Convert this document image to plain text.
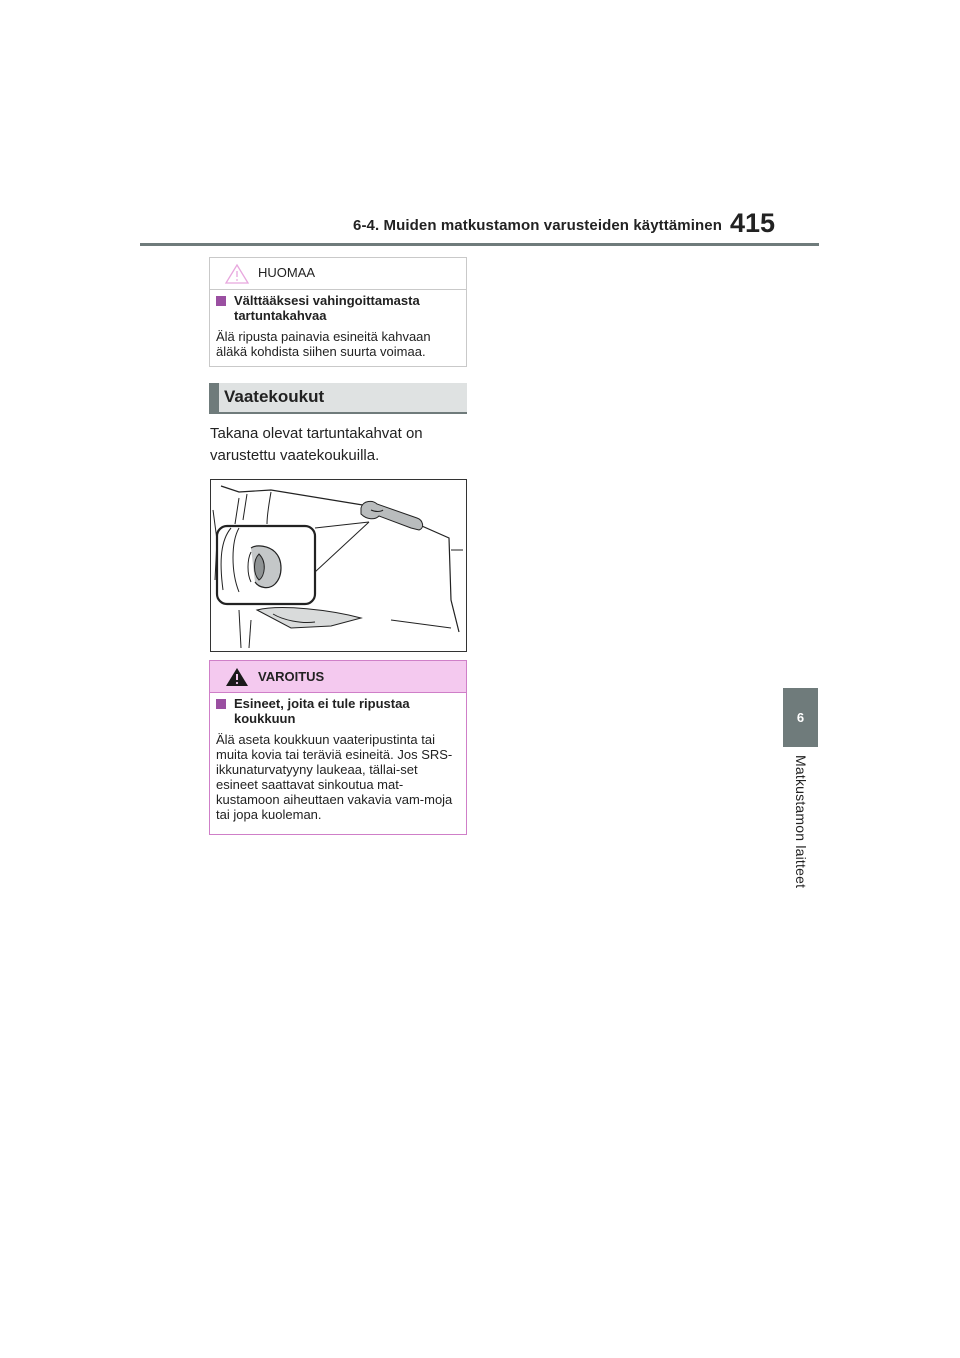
6-4. Muiden matkustamon varusteiden käyttäminen 415
6
Matkustamon laitteet
HUOMAA
Välttääksesi vahingoittamasta tartuntakahvaa
Älä ripusta painavia esineitä kahvaan äläkä kohdista siihen suurta voimaa.
Vaatekoukut
Takana olevat tartuntakahvat on varustettu vaatekoukuilla.
VAROITUS
Esineet, joita ei tule ripustaa koukkuun
Älä aseta koukkuun vaateripustinta tai muita kovia tai teräviä esineitä. Jos SRS-ikkunaturvatyyny laukeaa, tällai-set esineet saattavat sinkoutua mat-kustamoon aiheuttaen vakavia vam-moja tai jopa kuoleman.
